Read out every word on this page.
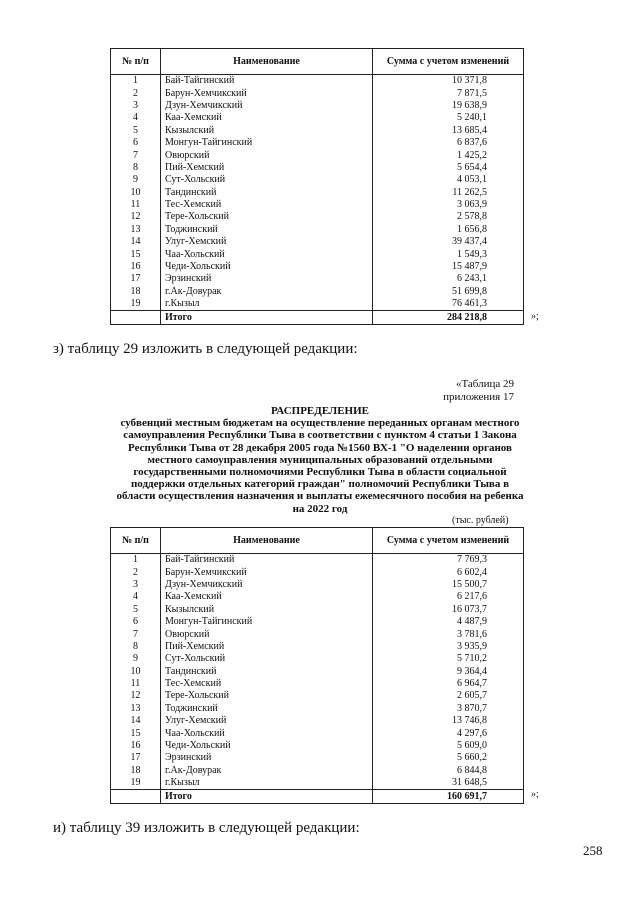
№ п/п	Наименование	Сумма с учетом изменений
1	Бай-Тайгинский	10 371,8
2	Барун-Хемчикский	7 871,5
3	Дзун-Хемчикский	19 638,9
4	Каа-Хемский	5 240,1
5	Кызылский	13 685,4
6	Монгун-Тайгинский	6 837,6
7	Овюрский	1 425,2
8	Пий-Хемский	5 654,4
9	Сут-Хольский	4 053,1
10	Тандинский	11 262,5
11	Тес-Хемский	3 063,9
12	Тере-Хольский	2 578,8
13	Тоджинский	1 656,8
14	Улуг-Хемский	39 437,4
15	Чаа-Хольский	1 549,3
16	Чеди-Хольский	15 487,9
17	Эрзинский	6 243,1
18	г.Ак-Довурак	51 699,8
19	г.Кызыл	76 461,3
	Итого	284 218,8	»;
з) таблицу 29 изложить в следующей редакции:
«Таблица 29
приложения 17
РАСПРЕДЕЛЕНИЕ
субвенций местным бюджетам на осуществление переданных органам местного
самоуправления Республики Тыва в соответствии с пунктом 4 статьи 1 Закона
Республики Тыва от 28 декабря 2005 года №1560 ВХ-1 "О наделении органов
местного самоуправления муниципальных образований отдельными
государственными полномочиями Республики Тыва в области социальной
поддержки отдельных категорий граждан" полномочий Республики Тыва в
области осуществления назначения и выплаты ежемесячного пособия на ребенка
на 2022 год
(тыс. рублей)
№ п/п	Наименование	Сумма с учетом изменений
1	Бай-Тайгинский	7 769,3
2	Барун-Хемчикский	6 602,4
3	Дзун-Хемчикский	15 500,7
4	Каа-Хемский	6 217,6
5	Кызылский	16 073,7
6	Монгун-Тайгинский	4 487,9
7	Овюрский	3 781,6
8	Пий-Хемский	3 935,9
9	Сут-Хольский	5 710,2
10	Тандинский	9 364,4
11	Тес-Хемский	6 964,7
12	Тере-Хольский	2 605,7
13	Тоджинский	3 870,7
14	Улуг-Хемский	13 746,8
15	Чаа-Хольский	4 297,6
16	Чеди-Хольский	5 609,0
17	Эрзинский	5 660,2
18	г.Ак-Довурак	6 844,8
19	г.Кызыл	31 648,5
	Итого	160 691,7	»;
и) таблицу 39 изложить в следующей редакции:
258
